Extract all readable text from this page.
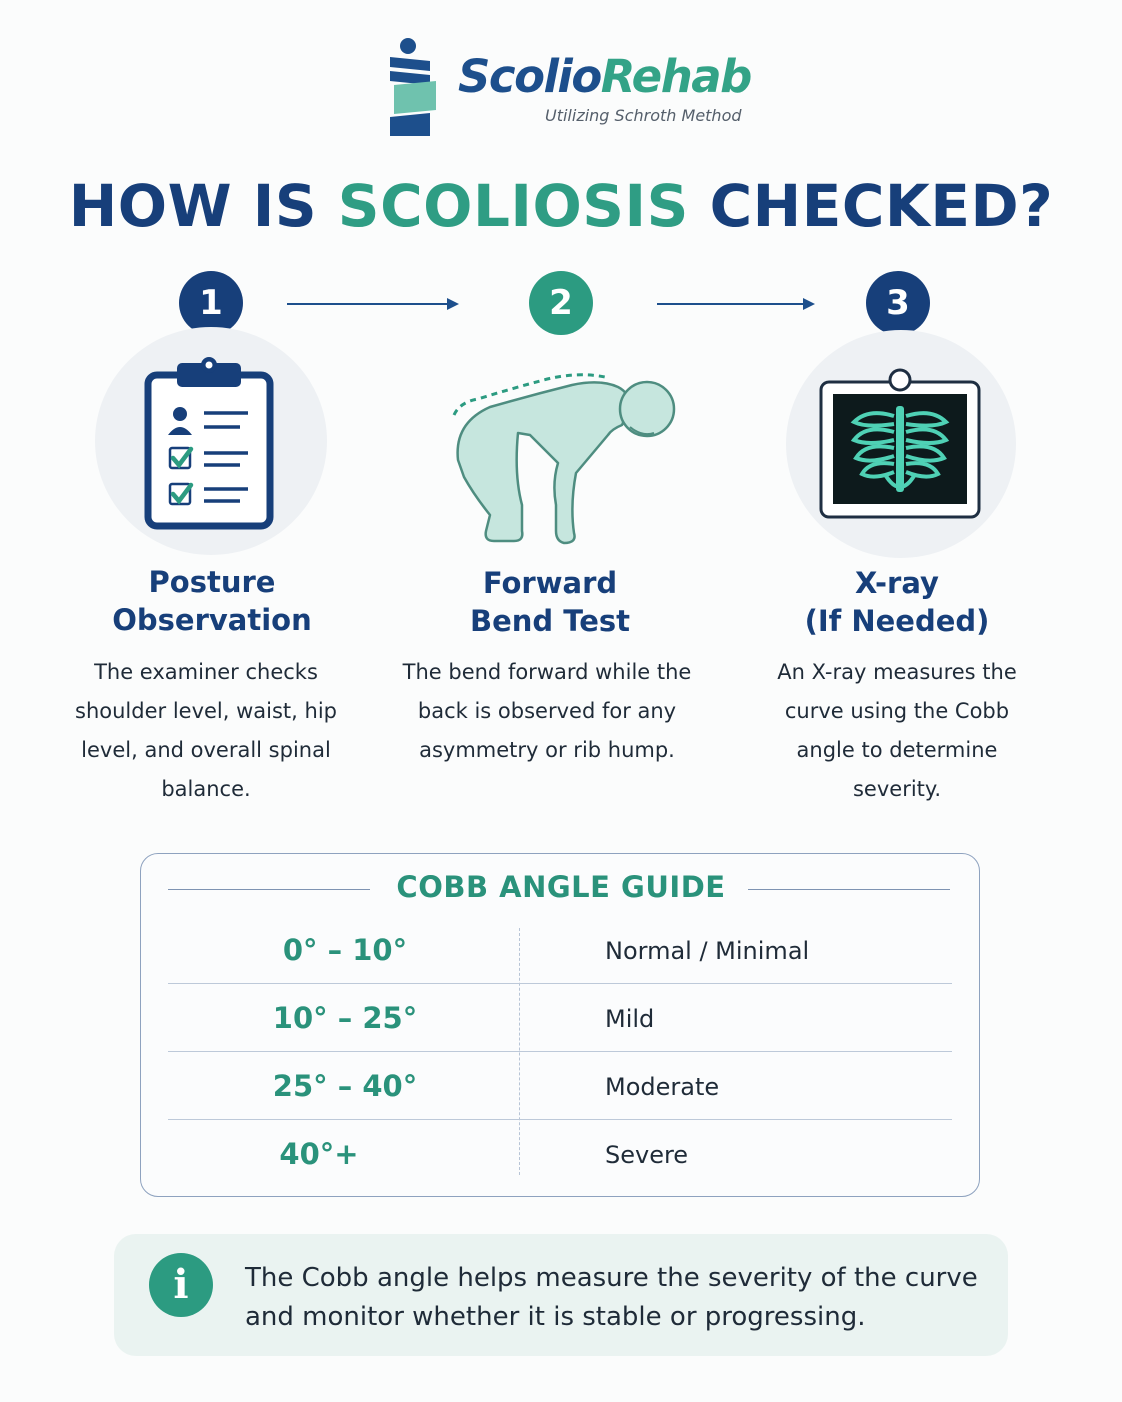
ScolioRehab
Utilizing Schroth Method
HOW IS SCOLIOSIS CHECKED?
1	2	3
Posture
Observation
Forward
Bend Test
X-ray
(If Needed)
The examiner checks shoulder level, waist, hip level, and overall spinal balance.
The bend forward while the back is observed for any asymmetry or rib hump.
An X-ray measures the curve using the Cobb angle to determine severity.
COBB ANGLE GUIDE
0° – 10°	Normal / Minimal
10° – 25°	Mild
25° – 40°	Moderate
40°+	Severe
i	The Cobb angle helps measure the severity of the curve and monitor whether it is stable or progressing.
